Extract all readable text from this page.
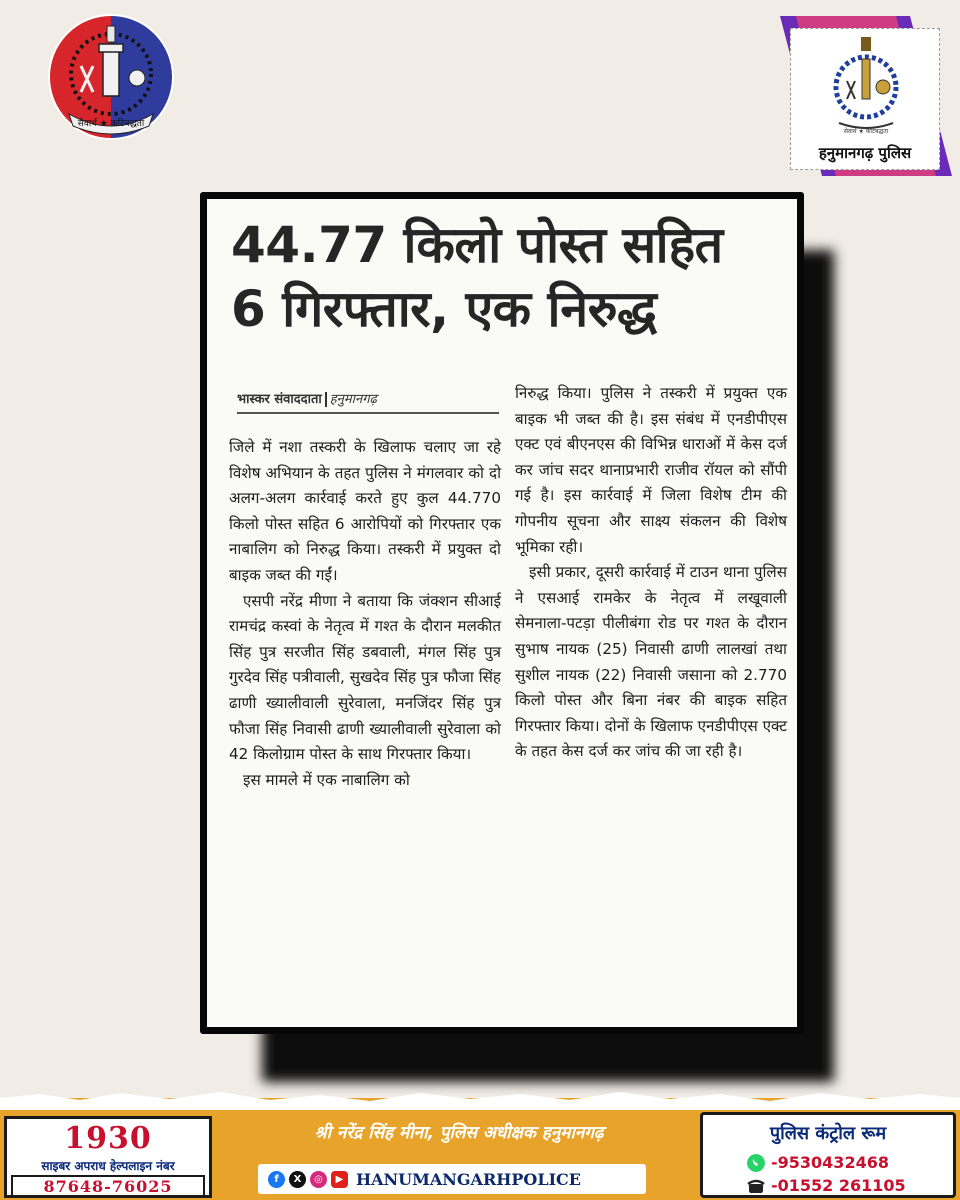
सेवार्थ ★ कटिबद्धता
सेवार्थ ★ कटिबद्धता
हनुमानगढ़ पुलिस
44.77 किलो पोस्त सहित
6 गिरफ्तार, एक निरुद्ध
भास्कर संवाददाता हनुमानगढ़

जिले में नशा तस्करी के खिलाफ चलाए जा रहे विशेष अभियान के तहत पुलिस ने मंगलवार को दो अलग-अलग कार्रवाई करते हुए कुल 44.770 किलो पोस्त सहित 6 आरोपियों को गिरफ्तार एक नाबालिग को निरुद्ध किया। तस्करी में प्रयुक्त दो बाइक जब्त की गईं।

एसपी नरेंद्र मीणा ने बताया कि जंक्शन सीआई रामचंद्र कस्वां के नेतृत्व में गश्त के दौरान मलकीत सिंह पुत्र सरजीत सिंह डबवाली, मंगल सिंह पुत्र गुरदेव सिंह पत्रीवाली, सुखदेव सिंह पुत्र फौजा सिंह ढाणी ख्यालीवाली सुरेवाला, मनजिंदर सिंह पुत्र फौजा सिंह निवासी ढाणी ख्यालीवाली सुरेवाला को 42 किलोग्राम पोस्त के साथ गिरफ्तार किया।

इस मामले में एक नाबालिग को

निरुद्ध किया। पुलिस ने तस्करी में प्रयुक्त एक बाइक भी जब्त की है। इस संबंध में एनडीपीएस एक्ट एवं बीएनएस की विभिन्न धाराओं में केस दर्ज कर जांच सदर थानाप्रभारी राजीव रॉयल को सौंपी गई है। इस कार्रवाई में जिला विशेष टीम की गोपनीय सूचना और साक्ष्य संकलन की विशेष भूमिका रही।

इसी प्रकार, दूसरी कार्रवाई में टाउन थाना पुलिस ने एसआई रामकेर के नेतृत्व में लखूवाली सेमनाला-पटड़ा पीलीबंगा रोड पर गश्त के दौरान सुभाष नायक (25) निवासी ढाणी लालखां तथा सुशील नायक (22) निवासी जसाना को 2.770 किलो पोस्त और बिना नंबर की बाइक सहित गिरफ्तार किया। दोनों के खिलाफ एनडीपीएस एक्ट के तहत केस दर्ज कर जांच की जा रही है।

1930
साइबर अपराध हेल्पलाइन नंबर
87648-76025
श्री नरेंद्र सिंह मीना, पुलिस अधीक्षक हनुमानगढ़
f	X	◎	▶ HANUMANGARHPOLICE
पुलिस कंट्रोल रूम
-9530432468
-01552 261105
